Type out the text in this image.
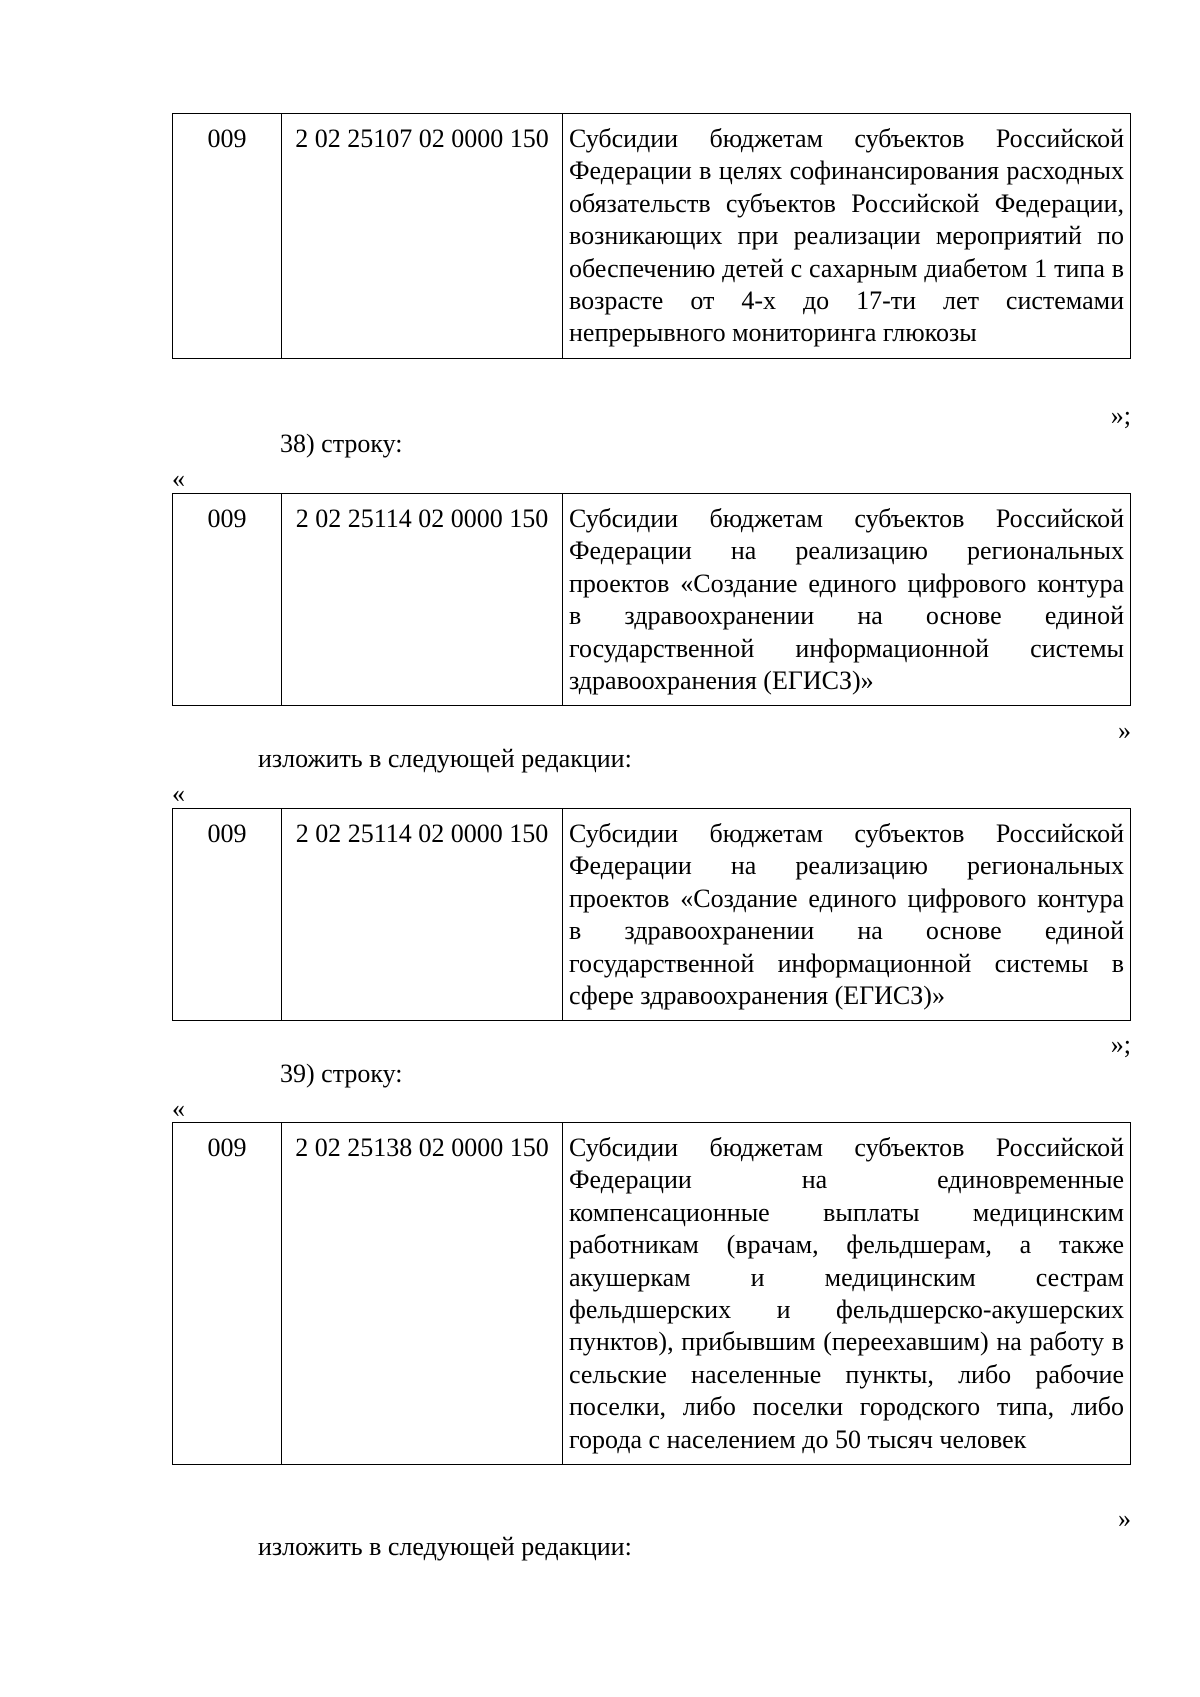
009	2 02 25107 02 0000 150	Субсидии бюджетам субъектов Российской Федерации в целях софинансирования расходных обязательств субъектов Российской Федерации, возникающих при реализации мероприятий по обеспечению детей с сахарным диабетом 1 типа в возрасте от 4-х до 17-ти лет системами непрерывного мониторинга глюкозы
»;
38) строку:
«
009	2 02 25114 02 0000 150	Субсидии бюджетам субъектов Российской Федерации на реализацию региональных проектов «Создание единого цифрового контура в здравоохранении на основе единой государственной информационной системы здравоохранения (ЕГИСЗ)»
»
изложить в следующей редакции:
«
009	2 02 25114 02 0000 150	Субсидии бюджетам субъектов Российской Федерации на реализацию региональных проектов «Создание единого цифрового контура в здравоохранении на основе единой государственной информационной системы в сфере здравоохранения (ЕГИСЗ)»
»;
39) строку:
«
009	2 02 25138 02 0000 150	Субсидии бюджетам субъектов Российской Федерации на единовременные компенсационные выплаты медицинским работникам (врачам, фельдшерам, а также акушеркам и медицинским сестрам фельдшерских и фельдшерско-акушерских пунктов), прибывшим (переехавшим) на работу в сельские населенные пункты, либо рабочие поселки, либо поселки городского типа, либо города с населением до 50 тысяч человек
»
изложить в следующей редакции:
